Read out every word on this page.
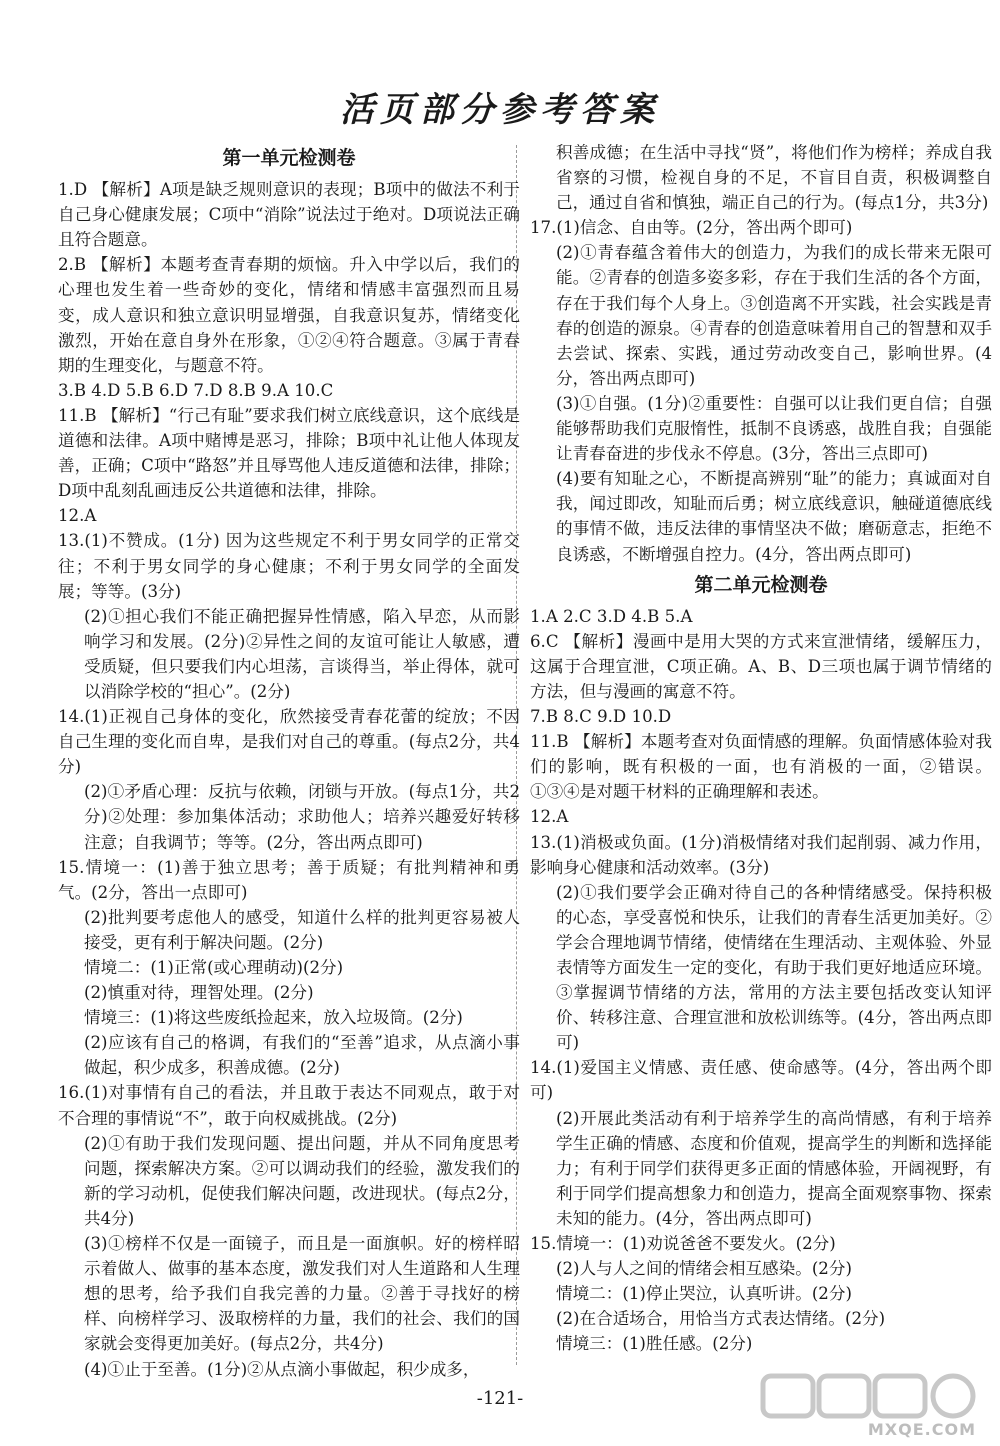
活页部分参考答案
第一单元检测卷

1.D 【解析】A项是缺乏规则意识的表现；B项中的做法不利于自己身心健康发展；C项中“消除”说法过于绝对。D项说法正确且符合题意。

2.B 【解析】本题考查青春期的烦恼。升入中学以后，我们的心理也发生着一些奇妙的变化，情绪和情感丰富强烈而且易变，成人意识和独立意识明显增强，自我意识复苏，情绪变化激烈，开始在意自身外在形象，①②④符合题意。③属于青春期的生理变化，与题意不符。

3.B 4.D 5.B 6.D 7.D 8.B 9.A 10.C

11.B 【解析】“行己有耻”要求我们树立底线意识，这个底线是道德和法律。A项中赌博是恶习，排除；B项中礼让他人体现友善，正确；C项中“路怒”并且辱骂他人违反道德和法律，排除；D项中乱刻乱画违反公共道德和法律，排除。

12.A

13.(1)不赞成。(1分) 因为这些规定不利于男女同学的正常交往；不利于男女同学的身心健康；不利于男女同学的全面发展；等等。(3分)

(2)①担心我们不能正确把握异性情感，陷入早恋，从而影响学习和发展。(2分)②异性之间的友谊可能让人敏感，遭受质疑，但只要我们内心坦荡，言谈得当，举止得体，就可以消除学校的“担心”。(2分)

14.(1)正视自己身体的变化，欣然接受青春花蕾的绽放；不因自己生理的变化而自卑，是我们对自己的尊重。(每点2分，共4分)

(2)①矛盾心理：反抗与依赖，闭锁与开放。(每点1分，共2分)②处理：参加集体活动；求助他人；培养兴趣爱好转移注意；自我调节；等等。(2分，答出两点即可)

15.情境一：(1)善于独立思考；善于质疑；有批判精神和勇气。(2分，答出一点即可)

(2)批判要考虑他人的感受，知道什么样的批判更容易被人接受，更有利于解决问题。(2分)

情境二：(1)正常(或心理萌动)(2分)

(2)慎重对待，理智处理。(2分)

情境三：(1)将这些废纸捡起来，放入垃圾筒。(2分)

(2)应该有自己的格调，有我们的“至善”追求，从点滴小事做起，积少成多，积善成德。(2分)

16.(1)对事情有自己的看法，并且敢于表达不同观点，敢于对不合理的事情说“不”，敢于向权威挑战。(2分)

(2)①有助于我们发现问题、提出问题，并从不同角度思考问题，探索解决方案。②可以调动我们的经验，激发我们的新的学习动机，促使我们解决问题，改进现状。(每点2分，共4分)

(3)①榜样不仅是一面镜子，而且是一面旗帜。好的榜样昭示着做人、做事的基本态度，激发我们对人生道路和人生理想的思考，给予我们自我完善的力量。②善于寻找好的榜样、向榜样学习、汲取榜样的力量，我们的社会、我们的国家就会变得更加美好。(每点2分，共4分)

(4)①止于至善。(1分)②从点滴小事做起，积少成多，

积善成德；在生活中寻找“贤”，将他们作为榜样；养成自我省察的习惯，检视自身的不足，不盲目自责，积极调整自己，通过自省和慎独，端正自己的行为。(每点1分，共3分)

17.(1)信念、自由等。(2分，答出两个即可)

(2)①青春蕴含着伟大的创造力，为我们的成长带来无限可能。②青春的创造多姿多彩，存在于我们生活的各个方面，存在于我们每个人身上。③创造离不开实践，社会实践是青春的创造的源泉。④青春的创造意味着用自己的智慧和双手去尝试、探索、实践，通过劳动改变自己，影响世界。(4分，答出两点即可)

(3)①自强。(1分)②重要性：自强可以让我们更自信；自强能够帮助我们克服惰性，抵制不良诱惑，战胜自我；自强能让青春奋进的步伐永不停息。(3分，答出三点即可)

(4)要有知耻之心，不断提高辨别“耻”的能力；真诚面对自我，闻过即改，知耻而后勇；树立底线意识，触碰道德底线的事情不做，违反法律的事情坚决不做；磨砺意志，拒绝不良诱惑，不断增强自控力。(4分，答出两点即可)

第二单元检测卷

1.A 2.C 3.D 4.B 5.A

6.C 【解析】漫画中是用大哭的方式来宣泄情绪，缓解压力，这属于合理宣泄，C项正确。A、B、D三项也属于调节情绪的方法，但与漫画的寓意不符。

7.B 8.C 9.D 10.D

11.B 【解析】本题考查对负面情感的理解。负面情感体验对我们的影响，既有积极的一面，也有消极的一面，②错误。①③④是对题干材料的正确理解和表述。

12.A

13.(1)消极或负面。(1分)消极情绪对我们起削弱、减力作用，影响身心健康和活动效率。(3分)

(2)①我们要学会正确对待自己的各种情绪感受。保持积极的心态，享受喜悦和快乐，让我们的青春生活更加美好。②学会合理地调节情绪，使情绪在生理活动、主观体验、外显表情等方面发生一定的变化，有助于我们更好地适应环境。③掌握调节情绪的方法，常用的方法主要包括改变认知评价、转移注意、合理宣泄和放松训练等。(4分，答出两点即可)

14.(1)爱国主义情感、责任感、使命感等。(4分，答出两个即可)

(2)开展此类活动有利于培养学生的高尚情感，有利于培养学生正确的情感、态度和价值观，提高学生的判断和选择能力；有利于同学们获得更多正面的情感体验，开阔视野，有利于同学们提高想象力和创造力，提高全面观察事物、探索未知的能力。(4分，答出两点即可)

15.情境一：(1)劝说爸爸不要发火。(2分)

(2)人与人之间的情绪会相互感染。(2分)

情境二：(1)停止哭泣，认真听讲。(2分)

(2)在合适场合，用恰当方式表达情绪。(2分)

情境三：(1)胜任感。(2分)

-121-
MXQE.COM
